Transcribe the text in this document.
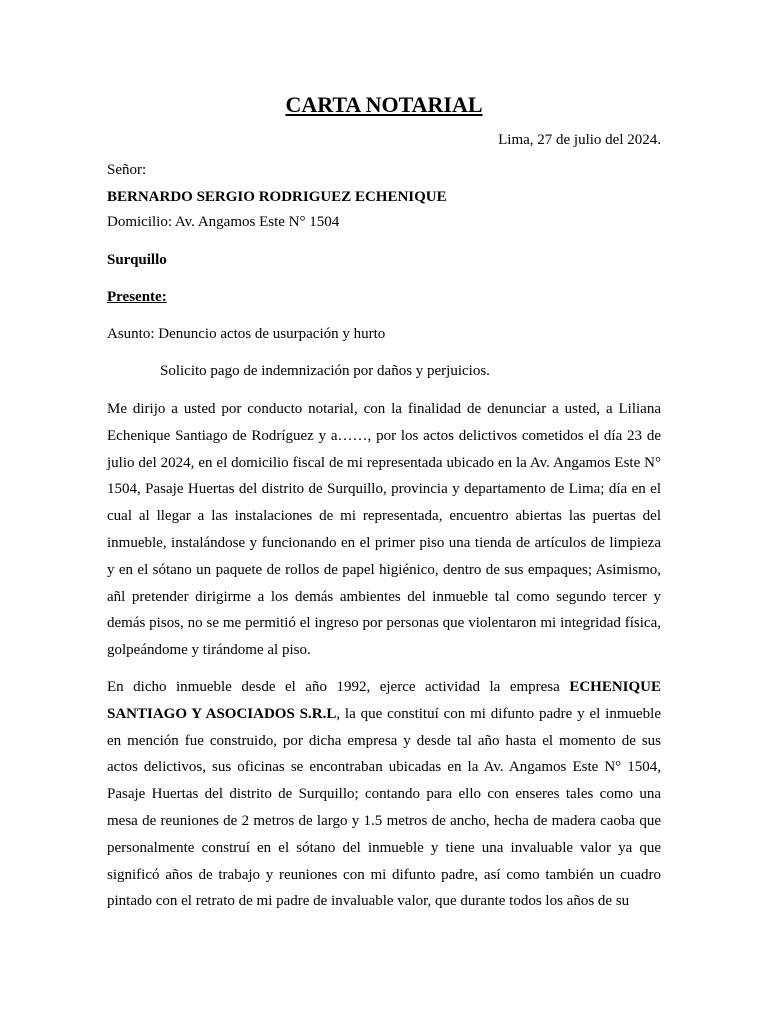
CARTA NOTARIAL

Lima, 27 de julio del 2024.

Señor:

BERNARDO SERGIO RODRIGUEZ ECHENIQUE

Domicilio: Av. Angamos Este N° 1504

Surquillo

Presente:

Asunto: Denuncio actos de usurpación y hurto

Solicito pago de indemnización por daños y perjuicios.

Me dirijo a usted por conducto notarial, con la finalidad de denunciar a usted, a Liliana Echenique Santiago de Rodríguez y a……, por los actos delictivos cometidos el día 23 de julio del 2024, en el domicilio fiscal de mi representada ubicado en la Av. Angamos Este N° 1504, Pasaje Huertas del distrito de Surquillo, provincia y departamento de Lima; día en el cual al llegar a las instalaciones de mi representada, encuentro abiertas las puertas del inmueble, instalándose y funcionando en el primer piso una tienda de artículos de limpieza y en el sótano un paquete de rollos de papel higiénico, dentro de sus empaques; Asimismo, añl pretender dirigirme a los demás ambientes del inmueble tal como segundo tercer y demás pisos, no se me permitió el ingreso por personas que violentaron mi integridad física, golpeándome y tirándome al piso.

En dicho inmueble desde el año 1992, ejerce actividad la empresa ECHENIQUE SANTIAGO Y ASOCIADOS S.R.L, la que constituí con mi difunto padre y el inmueble en mención fue construido, por dicha empresa y desde tal año hasta el momento de sus actos delictivos, sus oficinas se encontraban ubicadas en la Av. Angamos Este N° 1504, Pasaje Huertas del distrito de Surquillo; contando para ello con enseres tales como una mesa de reuniones de 2 metros de largo y 1.5 metros de ancho, hecha de madera caoba que personalmente construí en el sótano del inmueble y tiene una invaluable valor ya que significó años de trabajo y reuniones con mi difunto padre, así como también un cuadro pintado con el retrato de mi padre de invaluable valor, que durante todos los años de su
